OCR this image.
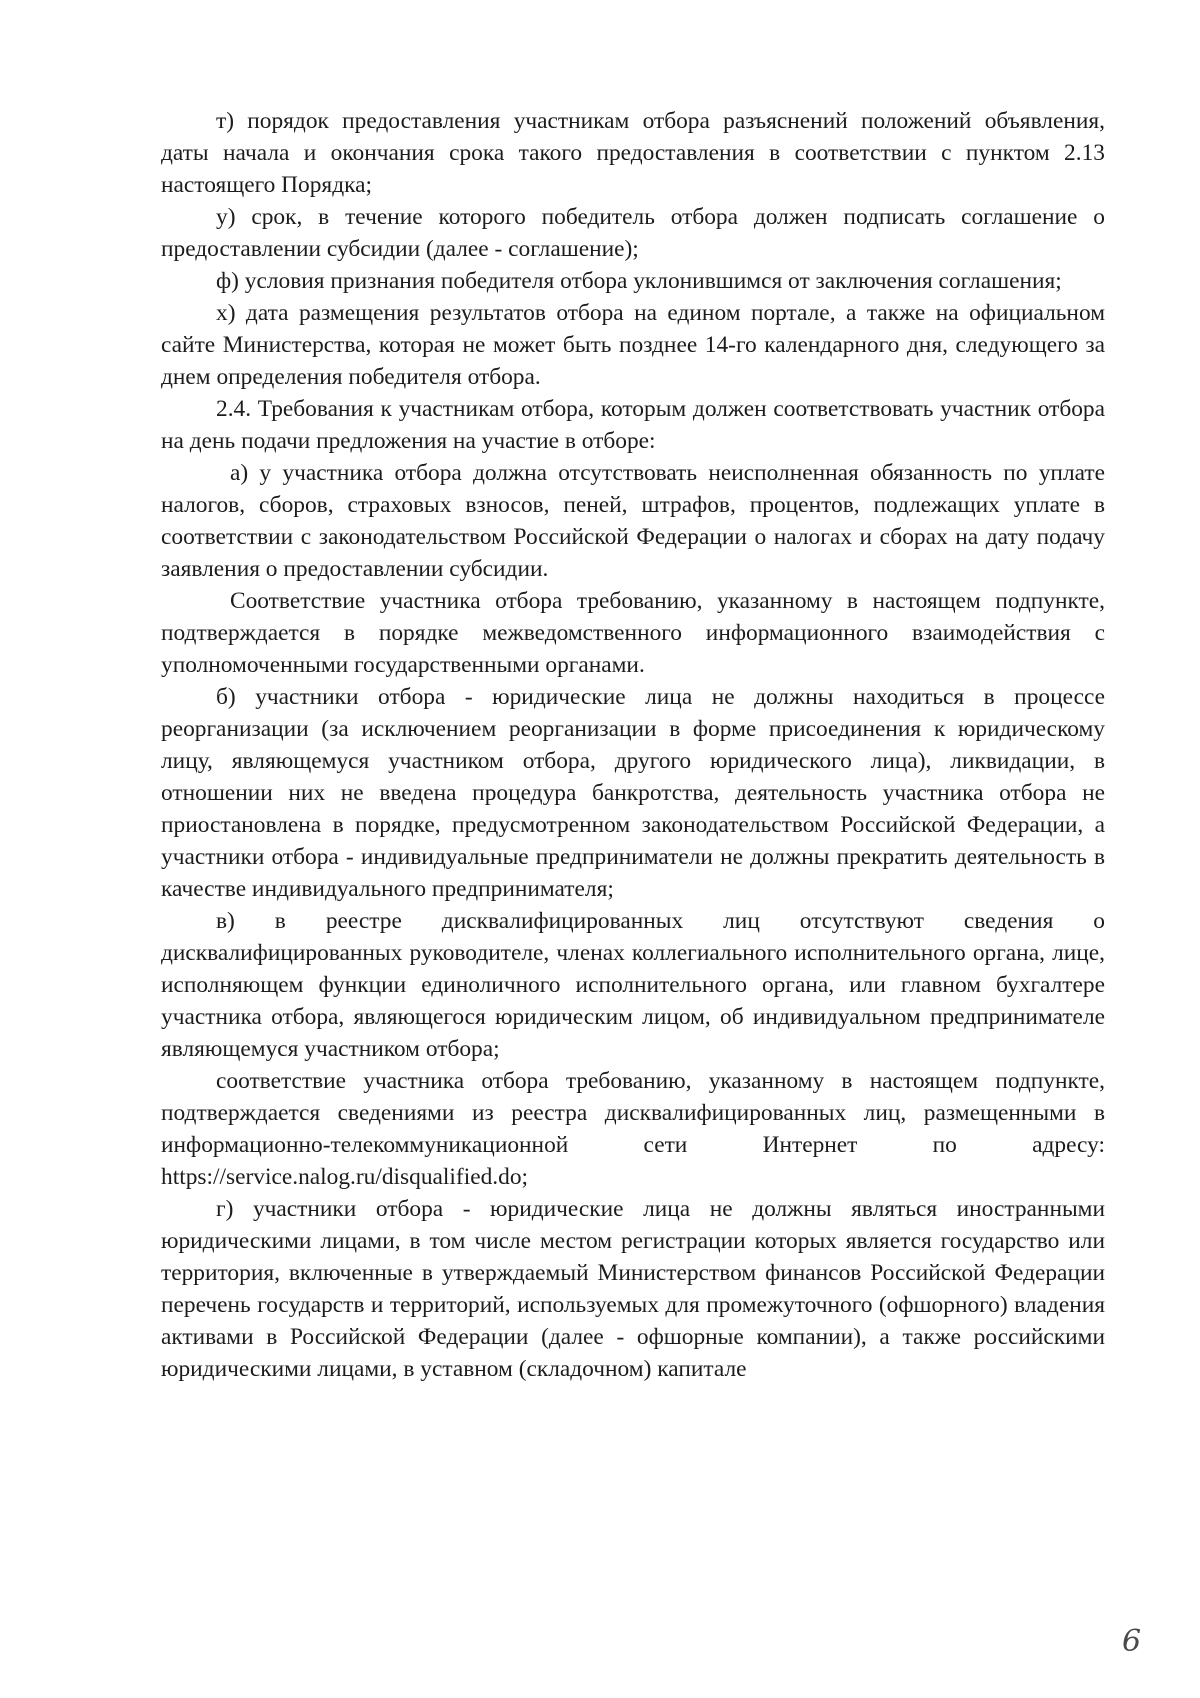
т) порядок предоставления участникам отбора разъяснений положений объявления, даты начала и окончания срока такого предоставления в соответствии с пунктом 2.13 настоящего Порядка;

у) срок, в течение которого победитель отбора должен подписать соглашение о предоставлении субсидии (далее - соглашение);

ф) условия признания победителя отбора уклонившимся от заключения соглашения;

х) дата размещения результатов отбора на едином портале, а также на официальном сайте Министерства, которая не может быть позднее 14-го календарного дня, следующего за днем определения победителя отбора.

2.4. Требования к участникам отбора, которым должен соответствовать участник отбора на день подачи предложения на участие в отборе:

а) у участника отбора должна отсутствовать неисполненная обязанность по уплате налогов, сборов, страховых взносов, пеней, штрафов, процентов, подлежащих уплате в соответствии с законодательством Российской Федерации о налогах и сборах на дату подачу заявления о предоставлении субсидии.

Соответствие участника отбора требованию, указанному в настоящем подпункте, подтверждается в порядке межведомственного информационного взаимодействия с уполномоченными государственными органами.

б) участники отбора - юридические лица не должны находиться в процессе реорганизации (за исключением реорганизации в форме присоединения к юридическому лицу, являющемуся участником отбора, другого юридического лица), ликвидации, в отношении них не введена процедура банкротства, деятельность участника отбора не приостановлена в порядке, предусмотренном законодательством Российской Федерации, а участники отбора - индивидуальные предприниматели не должны прекратить деятельность в качестве индивидуального предпринимателя;

в) в реестре дисквалифицированных лиц отсутствуют сведения о дисквалифицированных руководителе, членах коллегиального исполнительного органа, лице, исполняющем функции единоличного исполнительного органа, или главном бухгалтере участника отбора, являющегося юридическим лицом, об индивидуальном предпринимателе являющемуся участником отбора;

соответствие участника отбора требованию, указанному в настоящем подпункте, подтверждается сведениями из реестра дисквалифицированных лиц, размещенными в информационно-телекоммуникационной сети Интернет по адресу: https://service.nalog.ru/disqualified.do;

г) участники отбора - юридические лица не должны являться иностранными юридическими лицами, в том числе местом регистрации которых является государство или территория, включенные в утверждаемый Министерством финансов Российской Федерации перечень государств и территорий, используемых для промежуточного (офшорного) владения активами в Российской Федерации (далее - офшорные компании), а также российскими юридическими лицами, в уставном (складочном) капитале

6
